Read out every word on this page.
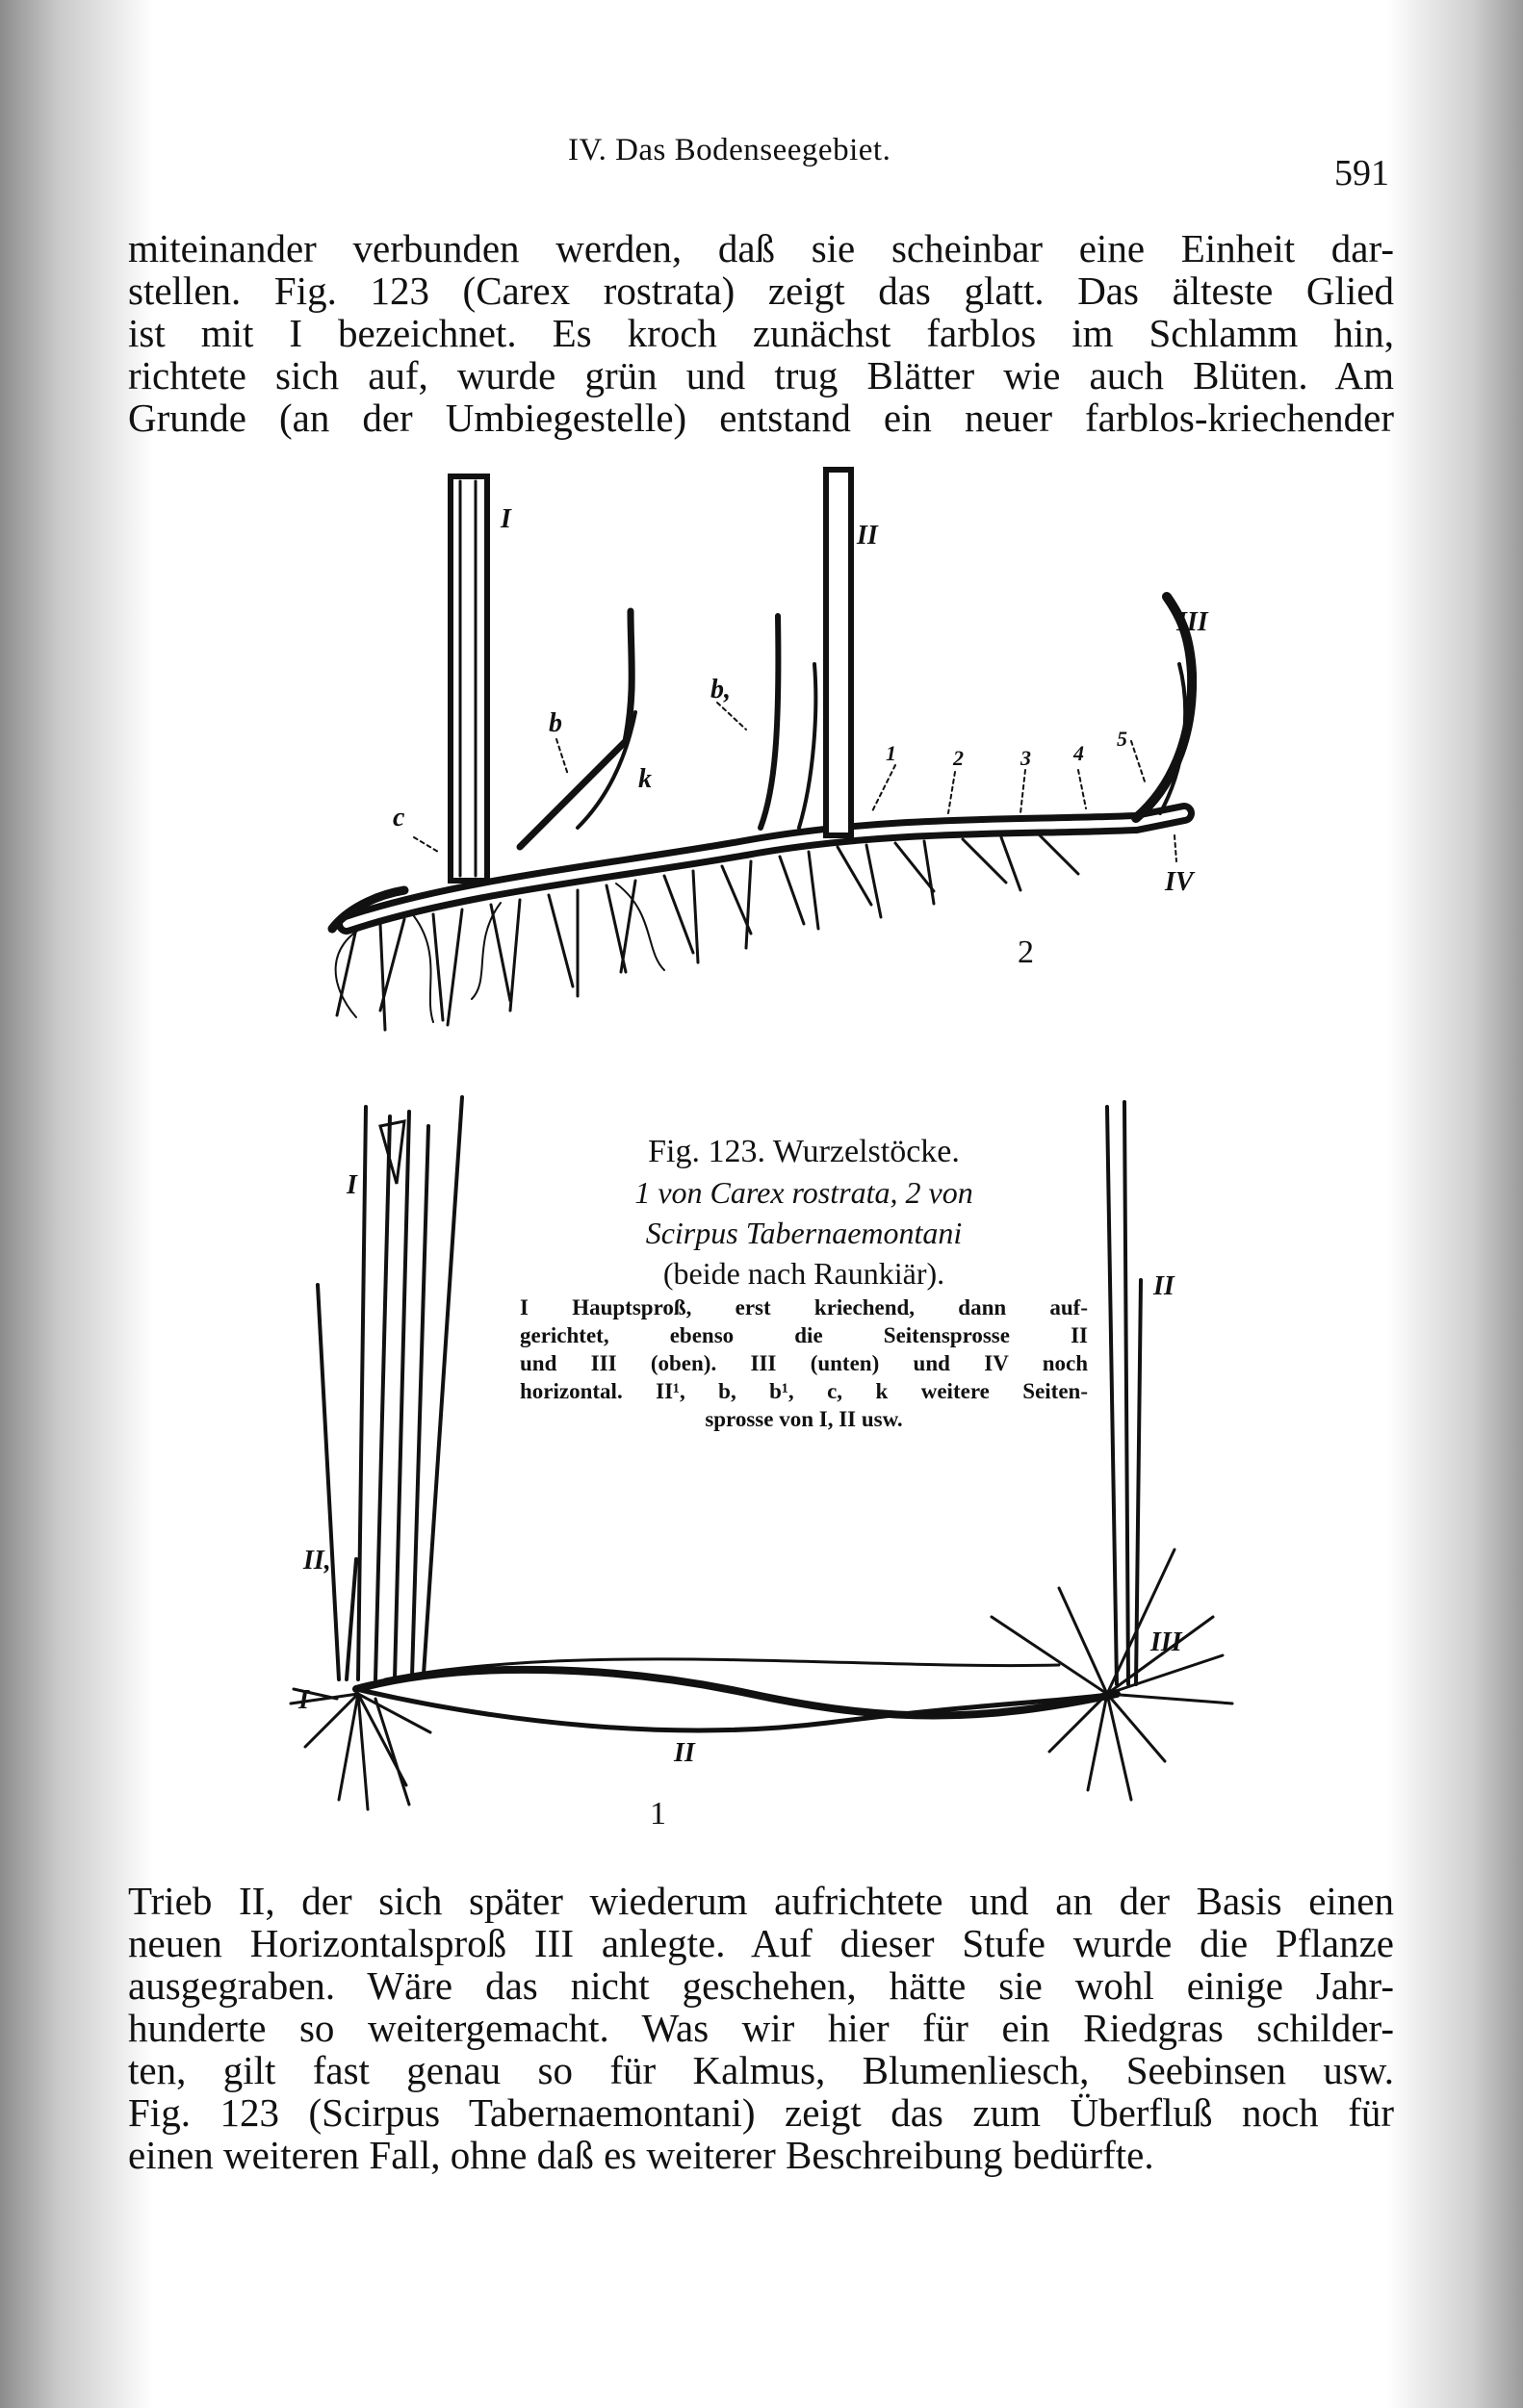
IV. Das Bodenseegebiet.
591

miteinander verbunden werden, daß sie scheinbar eine Einheit dar-
stellen. Fig. 123 (Carex rostrata) zeigt das glatt. Das älteste Glied
ist mit I bezeichnet. Es kroch zunächst farblos im Schlamm hin,
richtete sich auf, wurde grün und trug Blätter wie auch Blüten. Am
Grunde (an der Umbiegestelle) entstand ein neuer farblos-kriechender

I
II
III
IV
b
b,
c
k
1	2	3 4
5
2
I
II
II,
I
III
II
1
Fig. 123. Wurzelstöcke.
1 von Carex rostrata, 2 von
Scirpus Tabernaemontani
(beide nach Raunkiär).
I Hauptsproß, erst kriechend, dann auf-
gerichtet, ebenso die Seitensprosse II
und III (oben). III (unten) und IV noch
horizontal. II¹, b, b¹, c, k weitere Seiten-
sprosse von I, II usw.

Trieb II, der sich später wiederum aufrichtete und an der Basis einen
neuen Horizontalsproß III anlegte. Auf dieser Stufe wurde die Pflanze
ausgegraben. Wäre das nicht geschehen, hätte sie wohl einige Jahr-
hunderte so weitergemacht. Was wir hier für ein Riedgras schilder-
ten, gilt fast genau so für Kalmus, Blumenliesch, Seebinsen usw.
Fig. 123 (Scirpus Tabernaemontani) zeigt das zum Überfluß noch für
einen weiteren Fall, ohne daß es weiterer Beschreibung bedürfte.
